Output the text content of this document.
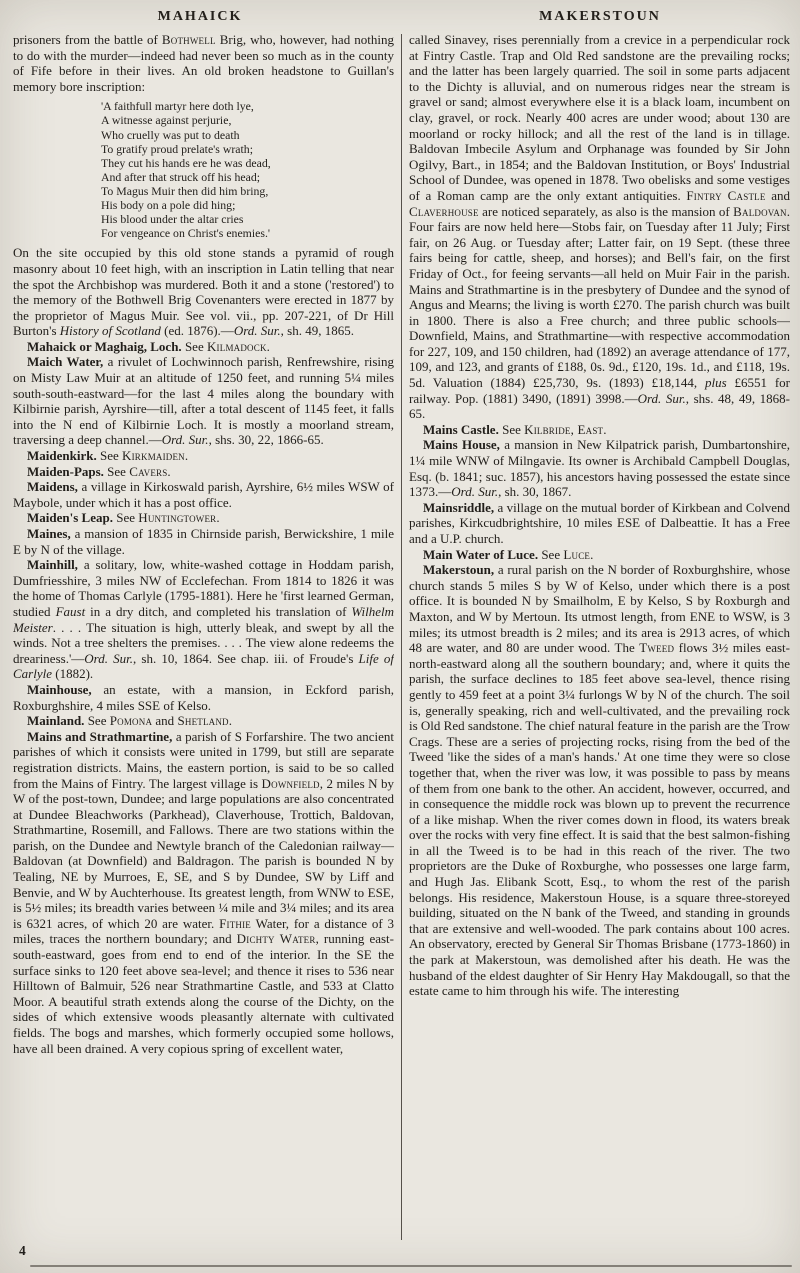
MAHAICK	MAKERSTOUN

prisoners from the battle of Bothwell Brig, who, however, had nothing to do with the murder—indeed had never been so much as in the county of Fife before in their lives. An old broken headstone to Guillan's memory bore inscription:

'A faithfull martyr here doth lye,
A witnesse against perjurie,
Who cruelly was put to death
To gratify proud prelate's wrath;
They cut his hands ere he was dead,
And after that struck off his head;
To Magus Muir then did him bring,
His body on a pole did hing;
His blood under the altar cries
For vengeance on Christ's enemies.'

On the site occupied by this old stone stands a pyramid of rough masonry about 10 feet high, with an inscription in Latin telling that near the spot the Archbishop was murdered. Both it and a stone ('restored') to the memory of the Bothwell Brig Covenanters were erected in 1877 by the proprietor of Magus Muir. See vol. vii., pp. 207-221, of Dr Hill Burton's History of Scotland (ed. 1876).—Ord. Sur., sh. 49, 1865.

Mahaick or Maghaig, Loch. See Kilmadock.

Maich Water, a rivulet of Lochwinnoch parish, Renfrewshire, rising on Misty Law Muir at an altitude of 1250 feet, and running 5¼ miles south-south-eastward—for the last 4 miles along the boundary with Kilbirnie parish, Ayrshire—till, after a total descent of 1145 feet, it falls into the N end of Kilbirnie Loch. It is mostly a moorland stream, traversing a deep channel.—Ord. Sur., shs. 30, 22, 1866-65.

Maidenkirk. See Kirkmaiden.

Maiden-Paps. See Cavers.

Maidens, a village in Kirkoswald parish, Ayrshire, 6½ miles WSW of Maybole, under which it has a post office.

Maiden's Leap. See Huntingtower.

Maines, a mansion of 1835 in Chirnside parish, Berwickshire, 1 mile E by N of the village.

Mainhill, a solitary, low, white-washed cottage in Hoddam parish, Dumfriesshire, 3 miles NW of Ecclefechan. From 1814 to 1826 it was the home of Thomas Carlyle (1795-1881). Here he 'first learned German, studied Faust in a dry ditch, and completed his translation of Wilhelm Meister. . . . The situation is high, utterly bleak, and swept by all the winds. Not a tree shelters the premises. . . . The view alone redeems the dreariness.'—Ord. Sur., sh. 10, 1864. See chap. iii. of Froude's Life of Carlyle (1882).

Mainhouse, an estate, with a mansion, in Eckford parish, Roxburghshire, 4 miles SSE of Kelso.

Mainland. See Pomona and Shetland.

Mains and Strathmartine, a parish of S Forfarshire. The two ancient parishes of which it consists were united in 1799, but still are separate registration districts. Mains, the eastern portion, is said to be so called from the Mains of Fintry. The largest village is Downfield, 2 miles N by W of the post-town, Dundee; and large populations are also concentrated at Dundee Bleachworks (Parkhead), Claverhouse, Trottich, Baldovan, Strathmartine, Rosemill, and Fallows. There are two stations within the parish, on the Dundee and Newtyle branch of the Caledonian railway—Baldovan (at Downfield) and Baldragon. The parish is bounded N by Tealing, NE by Murroes, E, SE, and S by Dundee, SW by Liff and Benvie, and W by Auchterhouse. Its greatest length, from WNW to ESE, is 5½ miles; its breadth varies between ¼ mile and 3¼ miles; and its area is 6321 acres, of which 20 are water. Fithie Water, for a distance of 3 miles, traces the northern boundary; and Dichty Water, running east-south-eastward, goes from end to end of the interior. In the SE the surface sinks to 120 feet above sea-level; and thence it rises to 536 near Hilltown of Balmuir, 526 near Strathmartine Castle, and 533 at Clatto Moor. A beautiful strath extends along the course of the Dichty, on the sides of which extensive woods pleasantly alternate with cultivated fields. The bogs and marshes, which formerly occupied some hollows, have all been drained. A very copious spring of excellent water,

called Sinavey, rises perennially from a crevice in a perpendicular rock at Fintry Castle. Trap and Old Red sandstone are the prevailing rocks; and the latter has been largely quarried. The soil in some parts adjacent to the Dichty is alluvial, and on numerous ridges near the stream is gravel or sand; almost everywhere else it is a black loam, incumbent on clay, gravel, or rock. Nearly 400 acres are under wood; about 130 are moorland or rocky hillock; and all the rest of the land is in tillage. Baldovan Imbecile Asylum and Orphanage was founded by Sir John Ogilvy, Bart., in 1854; and the Baldovan Institution, or Boys' Industrial School of Dundee, was opened in 1878. Two obelisks and some vestiges of a Roman camp are the only extant antiquities. Fintry Castle and Claverhouse are noticed separately, as also is the mansion of Baldovan. Four fairs are now held here—Stobs fair, on Tuesday after 11 July; First fair, on 26 Aug. or Tuesday after; Latter fair, on 19 Sept. (these three fairs being for cattle, sheep, and horses); and Bell's fair, on the first Friday of Oct., for feeing servants—all held on Muir Fair in the parish. Mains and Strathmartine is in the presbytery of Dundee and the synod of Angus and Mearns; the living is worth £270. The parish church was built in 1800. There is also a Free church; and three public schools—Downfield, Mains, and Strathmartine—with respective accommodation for 227, 109, and 150 children, had (1892) an average attendance of 177, 109, and 123, and grants of £188, 0s. 9d., £120, 19s. 1d., and £118, 19s. 5d. Valuation (1884) £25,730, 9s. (1893) £18,144, plus £6551 for railway. Pop. (1881) 3490, (1891) 3998.—Ord. Sur., shs. 48, 49, 1868-65.

Mains Castle. See Kilbride, East.

Mains House, a mansion in New Kilpatrick parish, Dumbartonshire, 1¼ mile WNW of Milngavie. Its owner is Archibald Campbell Douglas, Esq. (b. 1841; suc. 1857), his ancestors having possessed the estate since 1373.—Ord. Sur., sh. 30, 1867.

Mainsriddle, a village on the mutual border of Kirkbean and Colvend parishes, Kirkcudbrightshire, 10 miles ESE of Dalbeattie. It has a Free and a U.P. church.

Main Water of Luce. See Luce.

Makerstoun, a rural parish on the N border of Roxburghshire, whose church stands 5 miles S by W of Kelso, under which there is a post office. It is bounded N by Smailholm, E by Kelso, S by Roxburgh and Maxton, and W by Mertoun. Its utmost length, from ENE to WSW, is 3 miles; its utmost breadth is 2 miles; and its area is 2913 acres, of which 48 are water, and 80 are under wood. The Tweed flows 3½ miles east-north-eastward along all the southern boundary; and, where it quits the parish, the surface declines to 185 feet above sea-level, thence rising gently to 459 feet at a point 3¼ furlongs W by N of the church. The soil is, generally speaking, rich and well-cultivated, and the prevailing rock is Old Red sandstone. The chief natural feature in the parish are the Trow Crags. These are a series of projecting rocks, rising from the bed of the Tweed 'like the sides of a man's hands.' At one time they were so close together that, when the river was low, it was possible to pass by means of them from one bank to the other. An accident, however, occurred, and in consequence the middle rock was blown up to prevent the recurrence of a like mishap. When the river comes down in flood, its waters break over the rocks with very fine effect. It is said that the best salmon-fishing in all the Tweed is to be had in this reach of the river. The two proprietors are the Duke of Roxburghe, who possesses one large farm, and Hugh Jas. Elibank Scott, Esq., to whom the rest of the parish belongs. His residence, Makerstoun House, is a square three-storeyed building, situated on the N bank of the Tweed, and standing in grounds that are extensive and well-wooded. The park contains about 100 acres. An observatory, erected by General Sir Thomas Brisbane (1773-1860) in the park at Makerstoun, was demolished after his death. He was the husband of the eldest daughter of Sir Henry Hay Makdougall, so that the estate came to him through his wife. The interesting

4
